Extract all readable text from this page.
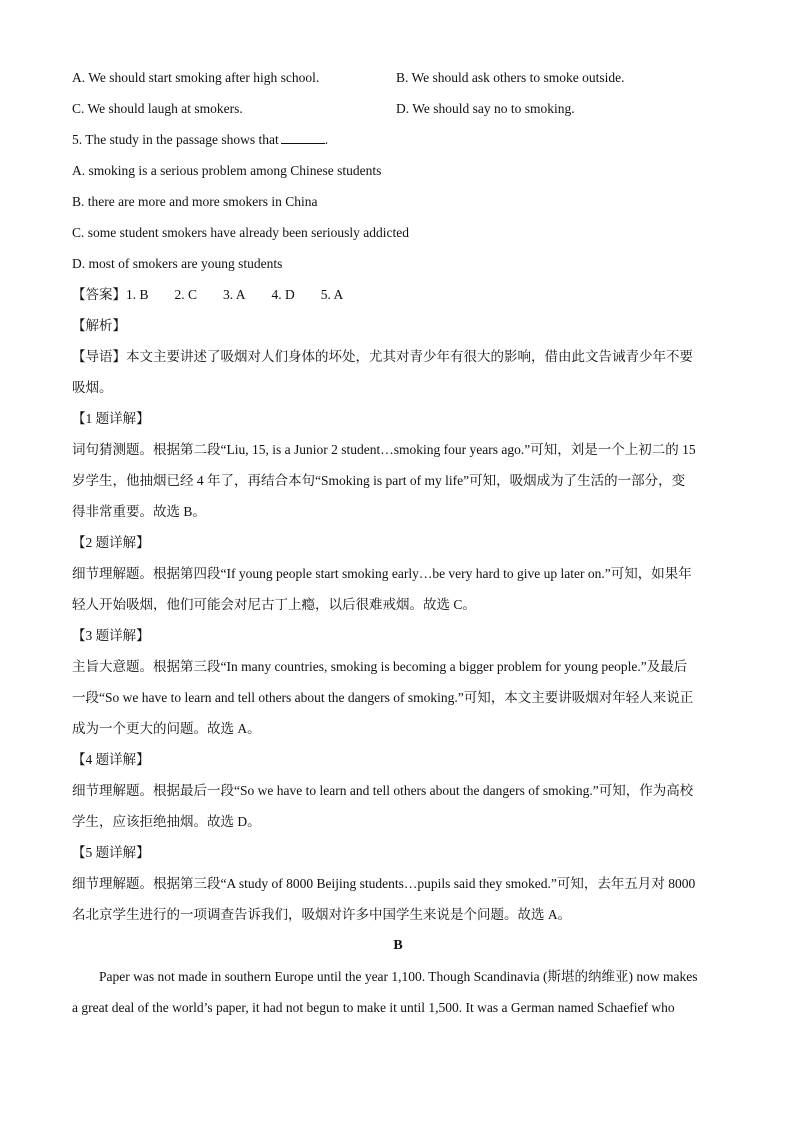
A. We should start smoking after high school.	B. We should ask others to smoke outside.
C. We should laugh at smokers.	D. We should say no to smoking.
5. The study in the passage shows that	.
A. smoking is a serious problem among Chinese students
B. there are more and more smokers in China
C. some student smokers have already been seriously addicted
D. most of smokers are young students
【答案】1. B 2. C 3. A 4. D 5. A
【解析】
【导语】本文主要讲述了吸烟对人们身体的坏处，尤其对青少年有很大的影响，借由此文告诫青少年不要
吸烟。
【1 题详解】
词句猜测题。根据第二段“Liu, 15, is a Junior 2 student…smoking four years ago.”可知，刘是一个上初二的 15
岁学生，他抽烟已经 4 年了，再结合本句“Smoking is part of my life”可知，吸烟成为了生活的一部分，变
得非常重要。故选 B。
【2 题详解】
细节理解题。根据第四段“If young people start smoking early…be very hard to give up later on.”可知，如果年
轻人开始吸烟，他们可能会对尼古丁上瘾，以后很难戒烟。故选 C。
【3 题详解】
主旨大意题。根据第三段“In many countries, smoking is becoming a bigger problem for young people.”及最后
一段“So we have to learn and tell others about the dangers of smoking.”可知，本文主要讲吸烟对年轻人来说正
成为一个更大的问题。故选 A。
【4 题详解】
细节理解题。根据最后一段“So we have to learn and tell others about the dangers of smoking.”可知，作为高校
学生，应该拒绝抽烟。故选 D。
【5 题详解】
细节理解题。根据第三段“A study of 8000 Beijing students…pupils said they smoked.”可知，去年五月对 8000
名北京学生进行的一项调查告诉我们，吸烟对许多中国学生来说是个问题。故选 A。
B
Paper was not made in southern Europe until the year 1,100. Though Scandinavia (斯堪的纳维亚) now makes
a great deal of the world’s paper, it had not begun to make it until 1,500. It was a German named Schaefief who
